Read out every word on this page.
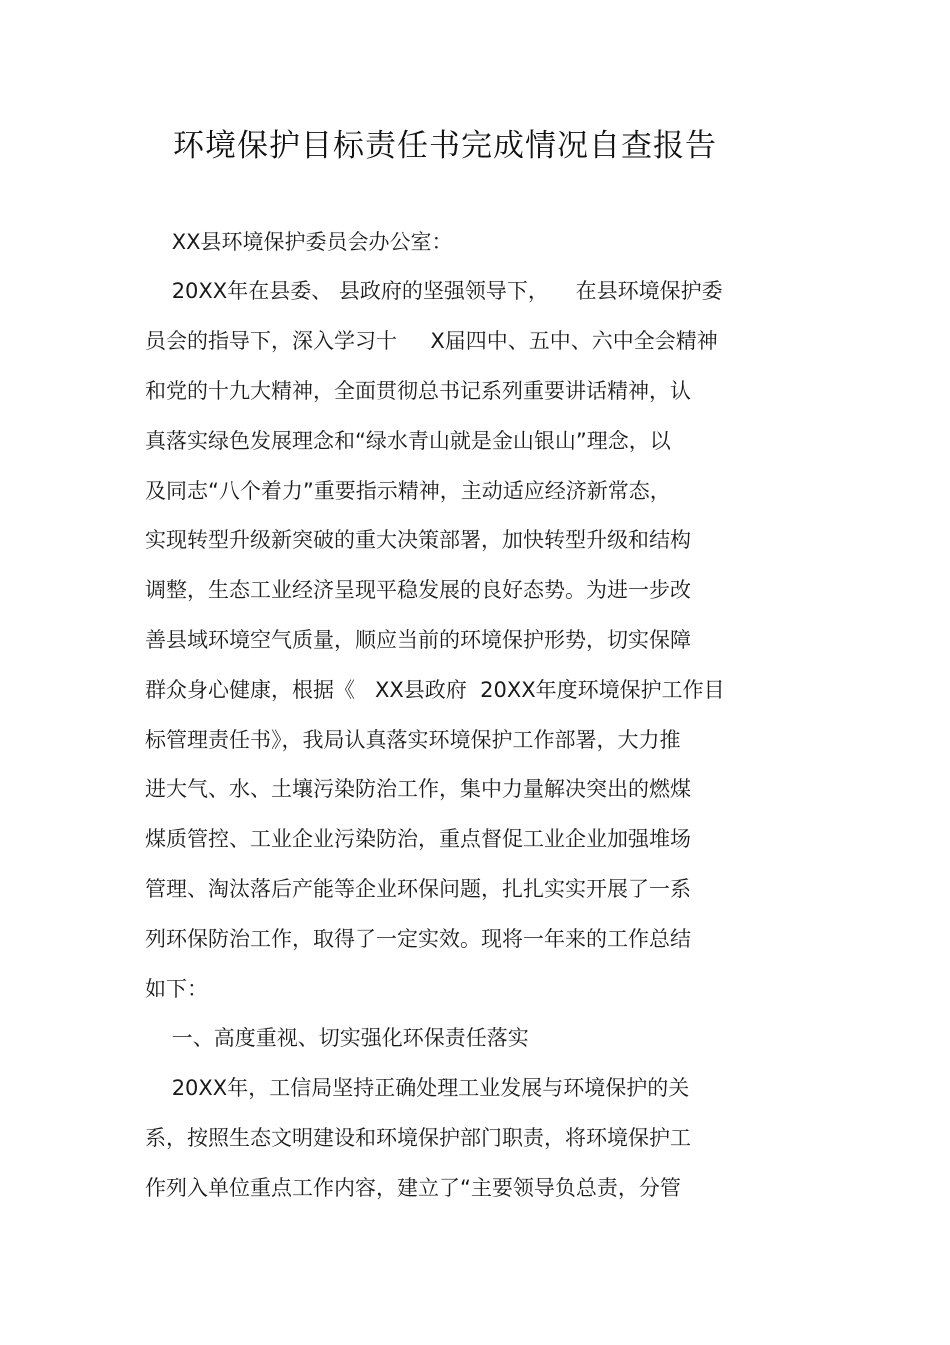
环境保护目标责任书完成情况自查报告
XX县环境保护委员会办公室：
20XX年在县委、 县政府的坚强领导下，    在县环境保护委
员会的指导下，深入学习十     X届四中、五中、六中全会精神
和党的十九大精神，全面贯彻总书记系列重要讲话精神，认
真落实绿色发展理念和“绿水青山就是金山银山”理念，以
及同志“八个着力”重要指示精神，主动适应经济新常态，
实现转型升级新突破的重大决策部署，加快转型升级和结构
调整，生态工业经济呈现平稳发展的良好态势。为进一步改
善县域环境空气质量，顺应当前的环境保护形势，切实保障
群众身心健康，根据《   XX县政府  20XX年度环境保护工作目
标管理责任书》，我局认真落实环境保护工作部署，大力推
进大气、水、土壤污染防治工作，集中力量解决突出的燃煤
煤质管控、工业企业污染防治，重点督促工业企业加强堆场
管理、淘汰落后产能等企业环保问题，扎扎实实开展了一系
列环保防治工作，取得了一定实效。现将一年来的工作总结
如下：
一、高度重视、切实强化环保责任落实
20XX年，工信局坚持正确处理工业发展与环境保护的关
系，按照生态文明建设和环境保护部门职责，将环境保护工
作列入单位重点工作内容，建立了“主要领导负总责，分管
